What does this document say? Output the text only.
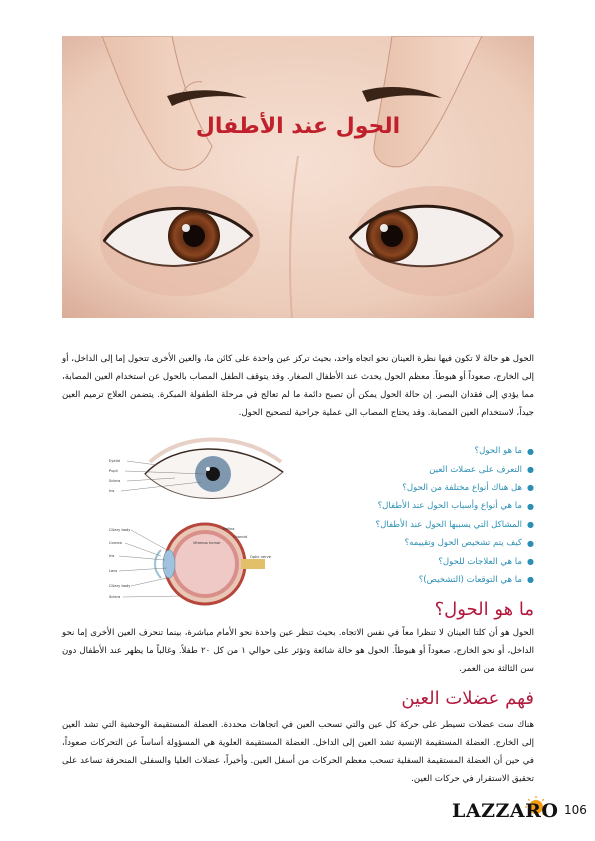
الحول عند الأطفال

الحول هو حالة لا تكون فيها نظرة العينان نحو اتجاه واحد، بحيث تركز عين واحدة على كائن ما، والعين الأخرى تتحول إما إلى الداخل، أو إلى الخارج، صعوداً أو هبوطاً. معظم الحول يحدث عند الأطفال الصغار. وقد يتوقف الطفل المصاب بالحول عن استخدام العين المصابة، مما يؤدي إلى فقدان البصر. إن حالة الحول يمكن أن تصبح دائمة ما لم تعالج في مرحلة الطفولة المبكرة. يتضمن العلاج ترميم العين جيداً، لاستخدام العين المصابة. وقد يحتاج المصاب الى عملية جراحية لتصحيح الحول.

Eyelid
Pupil
Sclera
Iris
Retina
Choroid
Ciliary body
Cornea
Iris
Lens
Vitreous humor
Optic nerve
Ciliary body
Sclera
●
ما هو الحول؟
●
التعرف على عضلات العين
●
هل هناك أنواع مختلفة من الحول؟
●
ما هي أنواع وأسباب الحول عند الأطفال؟
●
المشاكل التي يسببها الحول عند الأطفال؟
●
كيف يتم تشخيص الحول وتقييمه؟
●
ما هي العلاجات للحول؟
●
ما هي التوقعات (التشخيص)؟
ما هو الحول؟

الحول هو أن كلتا العينان لا تنظرا معاً في نفس الاتجاه. بحيث تنظر عين واحدة نحو الأمام مباشرة، بينما تنحرف العين الأخرى إما نحو الداخل، أو نحو الخارج، صعوداً أو هبوطاً. الحول هو حالة شائعة وتؤثر على حوالي ١ من كل ٢٠ طفلاً. وغالباً ما يظهر عند الأطفال دون سن الثالثة من العمر.

فهم عضلات العين

هناك ست عضلات تسيطر على حركة كل عين والتي تسحب العين في اتجاهات محددة. العضلة المستقيمة الوحشية التي تشد العين إلى الخارج. العضلة المستقيمة الإنسية تشد العين إلى الداخل. العضلة المستقيمة العلوية هي المسؤولة أساساً عن التحركات صعوداً، في حين أن العضلة المستقيمة السفلية تسحب معظم الحركات من أسفل العين. وأخيراً، عضلات العليا والسفلى المنحرفة تساعد على تحقيق الاستقرار في حركات العين.

LAZZARO 106
